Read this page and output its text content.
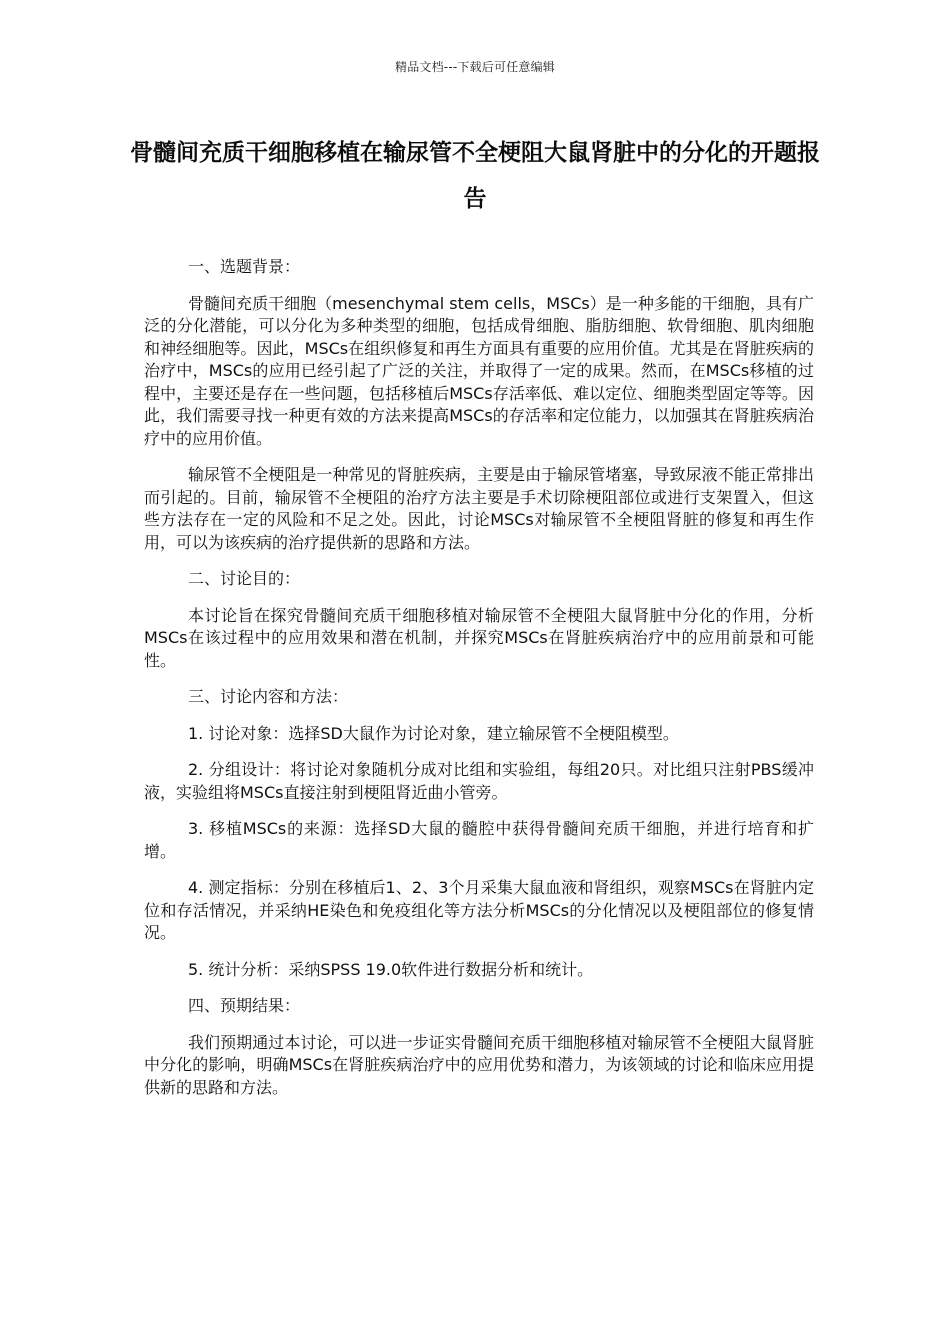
精品文档---下载后可任意编辑
骨髓间充质干细胞移植在输尿管不全梗阻大鼠肾脏中的分化的开题报告

一、选题背景：

骨髓间充质干细胞（mesenchymal stem cells，MSCs）是一种多能的干细胞，具有广泛的分化潜能，可以分化为多种类型的细胞，包括成骨细胞、脂肪细胞、软骨细胞、肌肉细胞和神经细胞等。因此，MSCs在组织修复和再生方面具有重要的应用价值。尤其是在肾脏疾病的治疗中，MSCs的应用已经引起了广泛的关注，并取得了一定的成果。然而，在MSCs移植的过程中，主要还是存在一些问题，包括移植后MSCs存活率低、难以定位、细胞类型固定等等。因此，我们需要寻找一种更有效的方法来提高MSCs的存活率和定位能力，以加强其在肾脏疾病治疗中的应用价值。

输尿管不全梗阻是一种常见的肾脏疾病，主要是由于输尿管堵塞，导致尿液不能正常排出而引起的。目前，输尿管不全梗阻的治疗方法主要是手术切除梗阻部位或进行支架置入，但这些方法存在一定的风险和不足之处。因此，讨论MSCs对输尿管不全梗阻肾脏的修复和再生作用，可以为该疾病的治疗提供新的思路和方法。

二、讨论目的：

本讨论旨在探究骨髓间充质干细胞移植对输尿管不全梗阻大鼠肾脏中分化的作用，分析MSCs在该过程中的应用效果和潜在机制，并探究MSCs在肾脏疾病治疗中的应用前景和可能性。

三、讨论内容和方法：

1. 讨论对象：选择SD大鼠作为讨论对象，建立输尿管不全梗阻模型。

2. 分组设计：将讨论对象随机分成对比组和实验组，每组20只。对比组只注射PBS缓冲液，实验组将MSCs直接注射到梗阻肾近曲小管旁。

3. 移植MSCs的来源：选择SD大鼠的髓腔中获得骨髓间充质干细胞，并进行培育和扩增。

4. 测定指标：分别在移植后1、2、3个月采集大鼠血液和肾组织，观察MSCs在肾脏内定位和存活情况，并采纳HE染色和免疫组化等方法分析MSCs的分化情况以及梗阻部位的修复情况。

5. 统计分析：采纳SPSS 19.0软件进行数据分析和统计。

四、预期结果：

我们预期通过本讨论，可以进一步证实骨髓间充质干细胞移植对输尿管不全梗阻大鼠肾脏中分化的影响，明确MSCs在肾脏疾病治疗中的应用优势和潜力，为该领域的讨论和临床应用提供新的思路和方法。
